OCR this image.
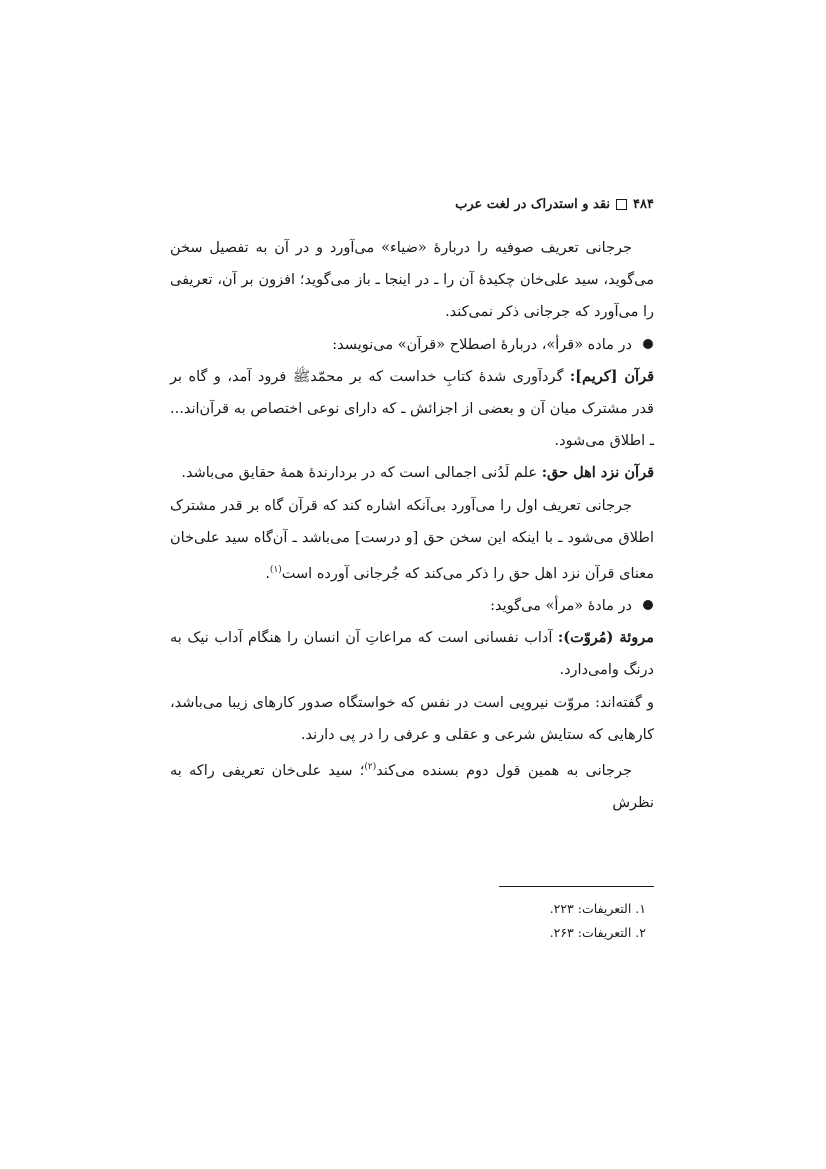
۴۸۴
نقد و استدراک در لغت عرب

جرجانی تعریف صوفیه را دربارهٔ «ضیاء» می‌آورد و در آن به تفصیل سخن می‌گوید، سید علی‌خان چکیدهٔ آن را ـ در اینجا ـ باز می‌گوید؛ افزون بر آن، تعریفی را می‌آورد که جرجانی ذکر نمی‌کند.

در ماده «قرأ»، دربارهٔ اصطلاح «قرآن» می‌نویسد:

قرآن [کریم]: گردآوری شدهٔ کتابِ خداست که بر محمّدﷺ فرود آمد، و گاه بر قدر مشترک میان آن و بعضی از اجزائش ـ که دارای نوعی اختصاص به قرآن‌اند... ـ اطلاق می‌شود.

قرآن نزد اهل حق: علم لَدُنی اجمالی است که در بردارندهٔ همهٔ حقایق می‌باشد.

جرجانی تعریف اول را می‌آورد بی‌آنکه اشاره کند که قرآن گاه بر قدر مشترک اطلاق می‌شود ـ با اینکه این سخن حق [و درست] می‌باشد ـ آن‌گاه سید علی‌خان معنای قرآن نزد اهل حق را ذکر می‌کند که جُرجانی آورده است$^{(۱)}$.

در مادهٔ «مرأ» می‌گوید:

مروئة (مُروّت): آداب نفسانی است که مراعاتِ آن انسان را هنگام آداب نیک به درنگ وامی‌دارد.

و گفته‌اند: مروّت نیرویی است در نفس که خواستگاه صدور کارهای زیبا می‌باشد، کارهایی که ستایش شرعی و عقلی و عرفی را در پی دارند.

جرجانی به همین قول دوم بسنده می‌کند$^{(۲)}$؛ سید علی‌خان تعریفی راکه به نظرش

۱. التعریفات: ۲۲۳.

۲. التعریفات: ۲۶۳.
